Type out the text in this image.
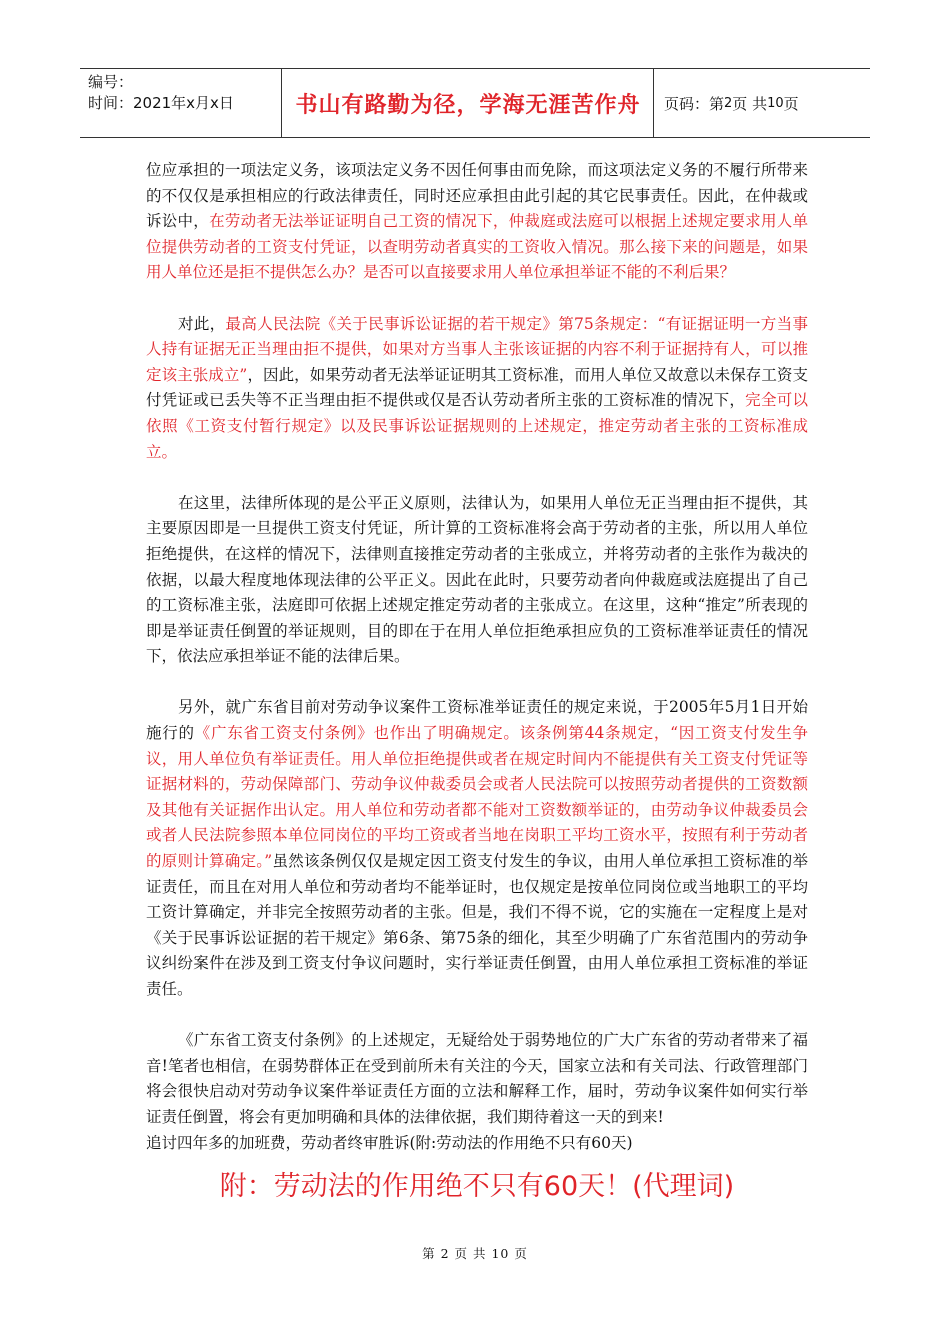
编号：
时间：2021年x月x日	书山有路勤为径，学海无涯苦作舟	页码：第 2 页 共 10 页

位应承担的一项法定义务，该项法定义务不因任何事由而免除，而这项法定义务的不履行所带来的不仅仅是承担相应的行政法律责任，同时还应承担由此引起的其它民事责任。因此，在仲裁或诉讼中，在劳动者无法举证证明自己工资的情况下，仲裁庭或法庭可以根据上述规定要求用人单位提供劳动者的工资支付凭证，以查明劳动者真实的工资收入情况。那么接下来的问题是，如果用人单位还是拒不提供怎么办？是否可以直接要求用人单位承担举证不能的不利后果？

对此，最高人民法院《关于民事诉讼证据的若干规定》第75条规定：“有证据证明一方当事人持有证据无正当理由拒不提供，如果对方当事人主张该证据的内容不利于证据持有人，可以推定该主张成立”，因此，如果劳动者无法举证证明其工资标准，而用人单位又故意以未保存工资支付凭证或已丢失等不正当理由拒不提供或仅是否认劳动者所主张的工资标准的情况下，完全可以依照《工资支付暂行规定》以及民事诉讼证据规则的上述规定，推定劳动者主张的工资标准成立。

在这里，法律所体现的是公平正义原则，法律认为，如果用人单位无正当理由拒不提供，其主要原因即是一旦提供工资支付凭证，所计算的工资标准将会高于劳动者的主张，所以用人单位拒绝提供，在这样的情况下，法律则直接推定劳动者的主张成立，并将劳动者的主张作为裁决的依据，以最大程度地体现法律的公平正义。因此在此时，只要劳动者向仲裁庭或法庭提出了自己的工资标准主张，法庭即可依据上述规定推定劳动者的主张成立。在这里，这种“推定”所表现的即是举证责任倒置的举证规则，目的即在于在用人单位拒绝承担应负的工资标准举证责任的情况下，依法应承担举证不能的法律后果。

另外，就广东省目前对劳动争议案件工资标准举证责任的规定来说，于2005年5月1日开始施行的《广东省工资支付条例》也作出了明确规定。该条例第44条规定，“因工资支付发生争议，用人单位负有举证责任。用人单位拒绝提供或者在规定时间内不能提供有关工资支付凭证等证据材料的，劳动保障部门、劳动争议仲裁委员会或者人民法院可以按照劳动者提供的工资数额及其他有关证据作出认定。用人单位和劳动者都不能对工资数额举证的，由劳动争议仲裁委员会或者人民法院参照本单位同岗位的平均工资或者当地在岗职工平均工资水平，按照有利于劳动者的原则计算确定。”虽然该条例仅仅是规定因工资支付发生的争议，由用人单位承担工资标准的举证责任，而且在对用人单位和劳动者均不能举证时，也仅规定是按单位同岗位或当地职工的平均工资计算确定，并非完全按照劳动者的主张。但是，我们不得不说，它的实施在一定程度上是对《关于民事诉讼证据的若干规定》第6条、第75条的细化，其至少明确了广东省范围内的劳动争议纠纷案件在涉及到工资支付争议问题时，实行举证责任倒置，由用人单位承担工资标准的举证责任。

《广东省工资支付条例》的上述规定，无疑给处于弱势地位的广大广东省的劳动者带来了福音!笔者也相信，在弱势群体正在受到前所未有关注的今天，国家立法和有关司法、行政管理部门将会很快启动对劳动争议案件举证责任方面的立法和解释工作，届时，劳动争议案件如何实行举证责任倒置，将会有更加明确和具体的法律依据，我们期待着这一天的到来!

追讨四年多的加班费，劳动者终审胜诉(附:劳动法的作用绝不只有60天)

附：劳动法的作用绝不只有60天！(代理词)
第 2 页 共 10 页
